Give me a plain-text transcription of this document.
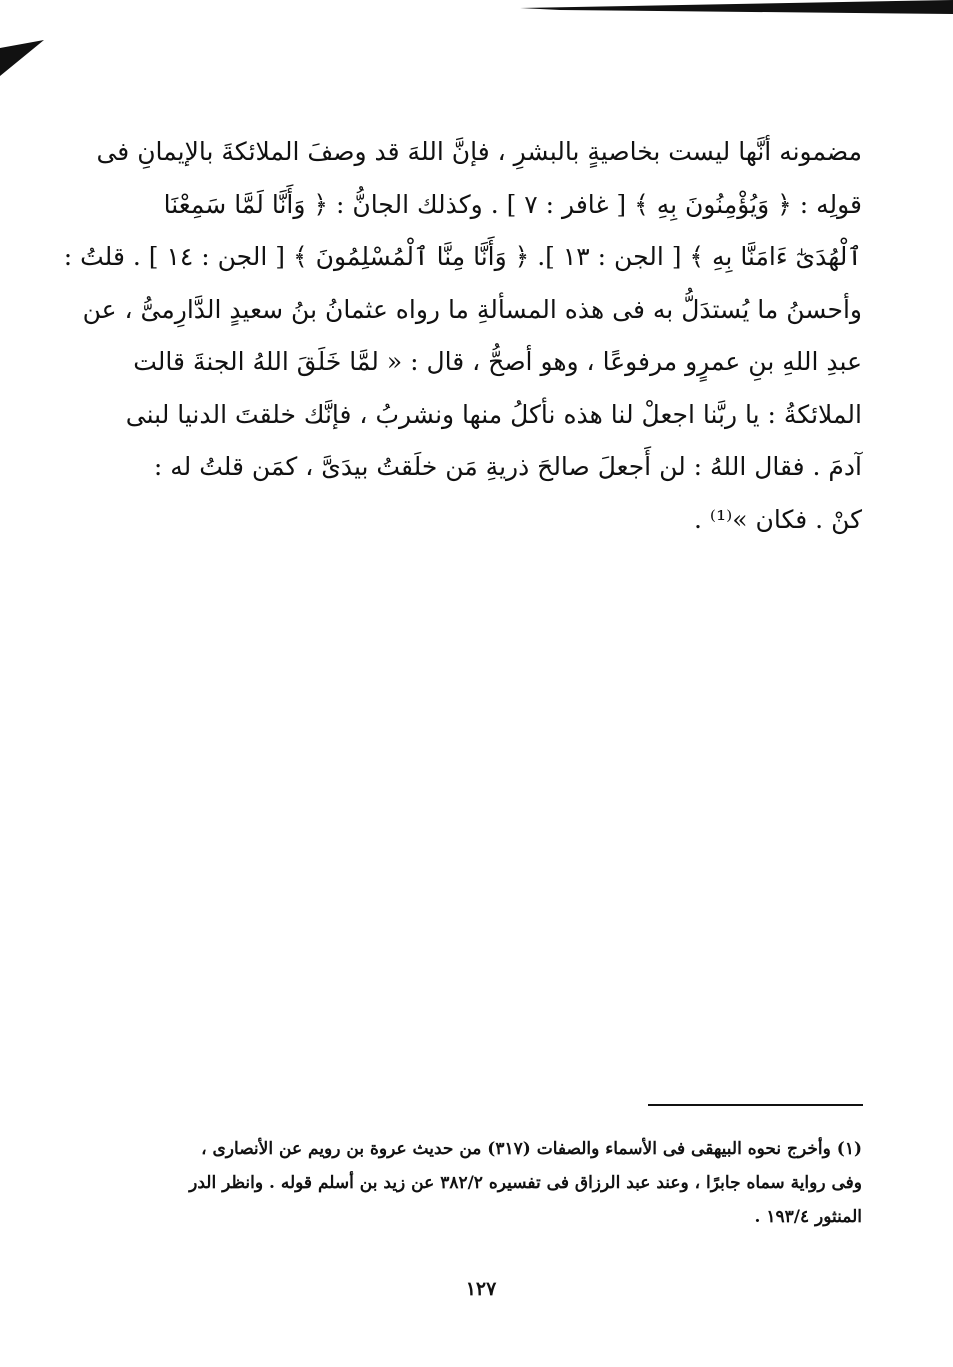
مضمونه أنَّها ليست بخاصيةٍ بالبشرِ ، فإنَّ اللهَ قد وصفَ الملائكةَ بالإيمانِ فى
قولِه : ﴿ وَيُؤْمِنُونَ بِهِ ﴾ [ غافر : ٧ ] . وكذلك الجانُّ : ﴿ وَأَنَّا لَمَّا سَمِعْنَا
ٱلْهُدَىٰٓ ءَامَنَّا بِهِ ﴾ [ الجن : ١٣ ]. ﴿ وَأَنَّا مِنَّا ٱلْمُسْلِمُونَ ﴾ [ الجن : ١٤ ] . قلتُ :
وأحسنُ ما يُستدَلُّ به فى هذه المسألةِ ما رواه عثمانُ بنُ سعيدٍ الدَّارِمىُّ ، عن
عبدِ اللهِ بنِ عمرٍو مرفوعًا ، وهو أصحُّ ، قال : « لمَّا خَلَقَ اللهُ الجنةَ قالت
الملائكةُ : يا ربَّنا اجعلْ لنا هذه نأكلُ منها ونشربُ ، فإنَّك خلقتَ الدنيا لبنى
آدمَ . فقال اللهُ : لن أَجعلَ صالحَ ذريةِ مَن خلَقتُ بيدَىَّ ، كمَن قلتُ له :
كنْ . فكان »⁽¹⁾ .
(١) وأخرج نحوه البيهقى فى الأسماء والصفات (٣١٧) من حديث عروة بن رويم عن الأنصارى ،
وفى رواية سماه جابرًا ، وعند عبد الرزاق فى تفسيره ٣٨٢/٢ عن زيد بن أسلم قوله . وانظر الدر
المنثور ١٩٣/٤ .
١٢٧
